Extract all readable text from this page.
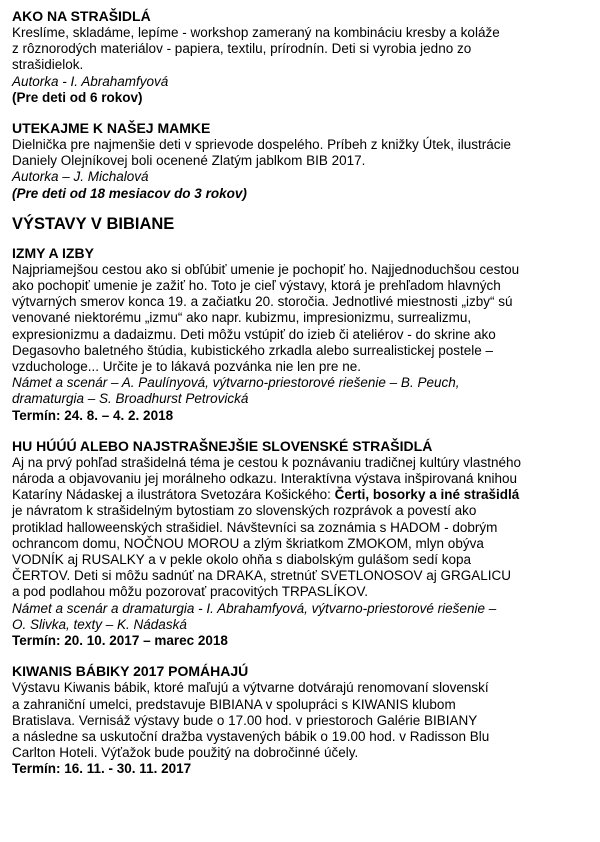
AKO NA STRAŠIDLÁ
Kreslíme, skladáme, lepíme - workshop zameraný na kombináciu kresby a koláže
z rôznorodých materiálov - papiera, textilu, prírodnín. Deti si vyrobia jedno zo
strašidielok.
Autorka - I. Abrahamfyová
(Pre deti od 6 rokov)
UTEKAJME K NAŠEJ MAMKE
Dielnička pre najmenšie deti v sprievode dospelého. Príbeh z knižky Útek, ilustrácie
Daniely Olejníkovej boli ocenené Zlatým jablkom BIB 2017.
Autorka – J. Michalová
(Pre deti od 18 mesiacov do 3 rokov)
VÝSTAVY V BIBIANE
IZMY A IZBY
Najpriamejšou cestou ako si obľúbiť umenie je pochopiť ho. Najjednoduchšou cestou
ako pochopiť umenie je zažiť ho. Toto je cieľ výstavy, ktorá je prehľadom hlavných
výtvarných smerov konca 19. a začiatku 20. storočia. Jednotlivé miestnosti „izby“ sú
venované niektorému „izmu“ ako napr. kubizmu, impresionizmu, surrealizmu,
expresionizmu a dadaizmu. Deti môžu vstúpiť do izieb či ateliérov - do skrine ako
Degasovho baletného štúdia, kubistického zrkadla alebo surrealistickej postele –
vzduchologe... Určite je to lákavá pozvánka nie len pre ne.
Námet a scenár – A. Paulínyová, výtvarno-priestorové riešenie – B. Peuch,
dramaturgia – S. Broadhurst Petrovická
Termín: 24. 8. – 4. 2. 2018
HU HÚÚÚ ALEBO NAJSTRAŠNEJŠIE SLOVENSKÉ STRAŠIDLÁ
Aj na prvý pohľad strašidelná téma je cestou k poznávaniu tradičnej kultúry vlastného
národa a objavovaniu jej morálneho odkazu. Interaktívna výstava inšpirovaná knihou
Kataríny Nádaskej a ilustrátora Svetozára Košického: Čerti, bosorky a iné strašidlá
je návratom k strašidelným bytostiam zo slovenských rozprávok a povestí ako
protiklad halloweenských strašidiel. Návštevníci sa zoznámia s HADOM - dobrým
ochrancom domu, NOČNOU MOROU a zlým škriatkom ZMOKOM, mlyn obýva
VODNÍK aj RUSALKY a v pekle okolo ohňa s diabolským gulášom sedí kopa
ČERTOV. Deti si môžu sadnúť na DRAKA, stretnúť SVETLONOSOV aj GRGALICU
a pod podlahou môžu pozorovať pracovitých TRPASLÍKOV.
Námet a scenár a dramaturgia - I. Abrahamfyová, výtvarno-priestorové riešenie –
O. Slivka, texty – K. Nádaská
Termín: 20. 10. 2017 – marec 2018
KIWANIS BÁBIKY 2017 POMÁHAJÚ
Výstavu Kiwanis bábik, ktoré maľujú a výtvarne dotvárajú renomovaní slovenskí
a zahraniční umelci, predstavuje BIBIANA v spolupráci s KIWANIS klubom
Bratislava. Vernisáž výstavy bude o 17.00 hod. v priestoroch Galérie BIBIANY
a následne sa uskutoční dražba vystavených bábik o 19.00 hod. v Radisson Blu
Carlton Hoteli. Výťažok bude použitý na dobročinné účely.
Termín: 16. 11. - 30. 11. 2017
